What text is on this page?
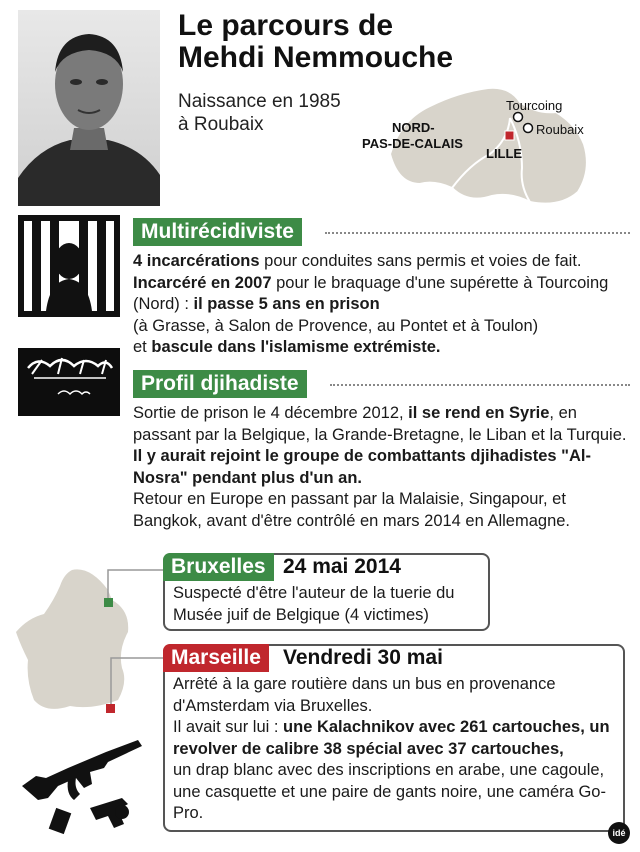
Le parcours de
Mehdi Nemmouche
Naissance en 1985
à Roubaix	NORD-
PAS-DE-CALAIS
LILLE
Tourcoing
Roubaix
Multirécidiviste
4 incarcérations pour conduites sans permis et voies de fait. Incarcéré en 2007 pour le braquage d'une supérette à Tourcoing (Nord) : il passe 5 ans en prison
(à Grasse, à Salon de Provence, au Pontet et à Toulon)
et bascule dans l'islamisme extrémiste.
Profil djihadiste
Sortie de prison le 4 décembre 2012, il se rend en Syrie, en passant par la Belgique, la Grande-Bretagne, le Liban et la Turquie. Il y aurait rejoint le groupe de combattants djihadistes "Al-Nosra" pendant plus d'un an.
Retour en Europe en passant par la Malaisie, Singapour, et Bangkok, avant d'être contrôlé en mars 2014 en Allemagne.
Bruxelles 24 mai 2014
Suspecté d'être l'auteur de la tuerie du Musée juif de Belgique (4 victimes)
Marseille	Vendredi 30 mai
Arrêté à la gare routière dans un bus en provenance d'Amsterdam via Bruxelles.
Il avait sur lui : une Kalachnikov avec 261 cartouches, un revolver de calibre 38 spécial avec 37 cartouches,
un drap blanc avec des inscriptions en arabe, une cagoule, une casquette et une paire de gants noire, une caméra Go-Pro.
idé
